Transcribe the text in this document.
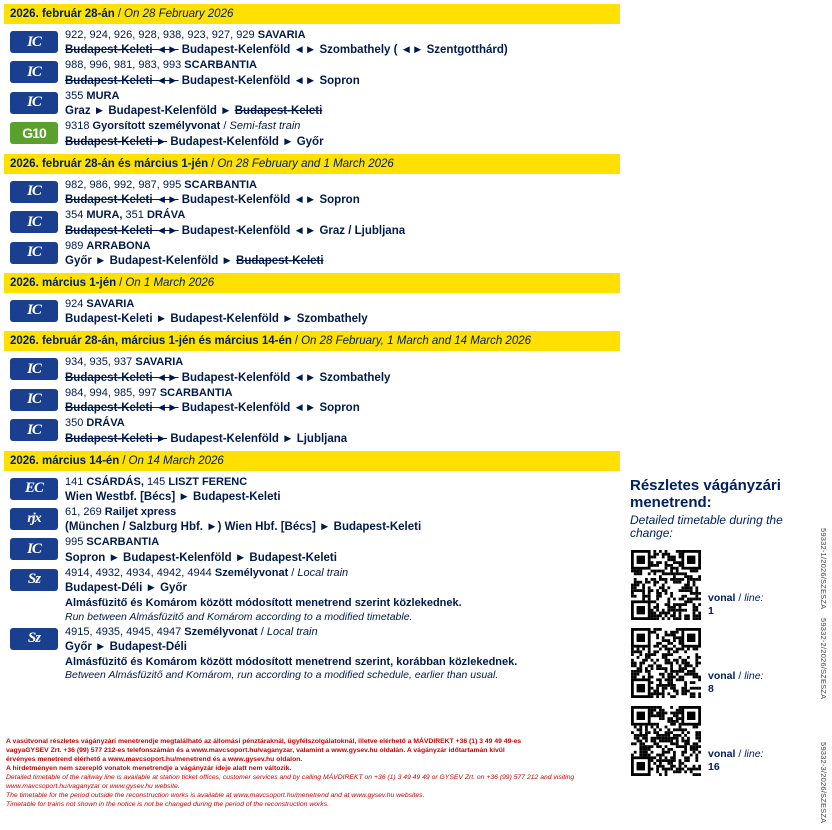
2026. február 28-án / On 28 February 2026
IC 922, 924, 926, 928, 938, 923, 927, 929 SAVARIA
Budapest-Keleti ◄► Budapest-Kelenföld ◄► Szombathely ( ◄► Szentgotthárd)
IC 988, 996, 981, 983, 993 SCARBANTIA
Budapest-Keleti ◄► Budapest-Kelenföld ◄► Sopron
IC 355 MURA
Graz ► Budapest-Kelenföld ► Budapest-Keleti
G10 9318 Gyorsított személyvonat / Semi-fast train
Budapest-Keleti ► Budapest-Kelenföld ► Győr
2026. február 28-án és március 1-jén / On 28 February and 1 March 2026
IC 982, 986, 992, 987, 995 SCARBANTIA
Budapest-Keleti ◄► Budapest-Kelenföld ◄► Sopron
IC 354 MURA, 351 DRÁVA
Budapest-Keleti ◄► Budapest-Kelenföld ◄► Graz / Ljubljana
IC 989 ARRABONA
Győr ► Budapest-Kelenföld ► Budapest-Keleti
2026. március 1-jén / On 1 March 2026
IC 924 SAVARIA
Budapest-Keleti ► Budapest-Kelenföld ► Szombathely
2026. február 28-án, március 1-jén és március 14-én / On 28 February, 1 March and 14 March 2026
IC 934, 935, 937 SAVARIA
Budapest-Keleti ◄► Budapest-Kelenföld ◄► Szombathely
IC 984, 994, 985, 997 SCARBANTIA
Budapest-Keleti ◄► Budapest-Kelenföld ◄► Sopron
IC 350 DRÁVA
Budapest-Keleti ► Budapest-Kelenföld ► Ljubljana
2026. március 14-én / On 14 March 2026
EC 141 CSÁRDÁS, 145 LISZT FERENC
Wien Westbf. [Bécs] ► Budapest-Keleti
rjx 61, 269 Railjet xpress
(München / Salzburg Hbf. ►) Wien Hbf. [Bécs] ► Budapest-Keleti
IC 995 SCARBANTIA
Sopron ► Budapest-Kelenföld ► Budapest-Keleti
Sz 4914, 4932, 4934, 4942, 4944 Személyvonat / Local train
Budapest-Déli ► Győr
Almásfüzitő és Komárom között módosított menetrend szerint közlekednek.
Run between Almásfüzitő and Komárom according to a modified timetable.
Sz 4915, 4935, 4945, 4947 Személyvonat / Local train
Győr ► Budapest-Déli
Almásfüzitő és Komárom között módosított menetrend szerint, korábban közlekednek.
Between Almásfüzitő and Komárom, run according to a modified schedule, earlier than usual.
Részletes vágányzári menetrend:
Detailed timetable during the change:
vonal / line:
1
vonal / line:
8
vonal / line:
16
59332-1/2026/SZESZA
59332-2/2026/SZESZA
59332-3/2026/SZESZA

A vasútvonal részletes vágányzári menetrendje megtalálható az állomási pénztáraknál, ügyfélszolgálatoknál, illetve elérhető a MÁVDIREKT +36 (1) 3 49 49 49-es

vagyaGYSEV Zrt. +36 (99) 577 212-es telefonszámán és a www.mavcsoport.hu/vaganyzar, valamint a www.gysev.hu oldalán. A vágányzár időtartamán kívül

érvényes menetrend elérhető a www.mavcsoport.hu/menetrend és a www.gysev.hu oldalon.

A hirdetményen nem szereplő vonatok menetrendje a vágányzár ideje alatt nem változik.

Detailed timetable of the railway line is available at station ticket offices, customer services and by calling MÁVDIREKT on +36 (1) 3 49 49 49 or GYSEV Zrt. on +36 (99) 577 212 and visiting

www.mavcsoport.hu/vaganyzar or www.gysev.hu website.

The timetable for the period outside the reconstruction works is available at www.mavcsoport.hu/menetrend and at www.gysev.hu websites.

Timetable for trains not shown in the notice is not be changed during the period of the reconstruction works.
